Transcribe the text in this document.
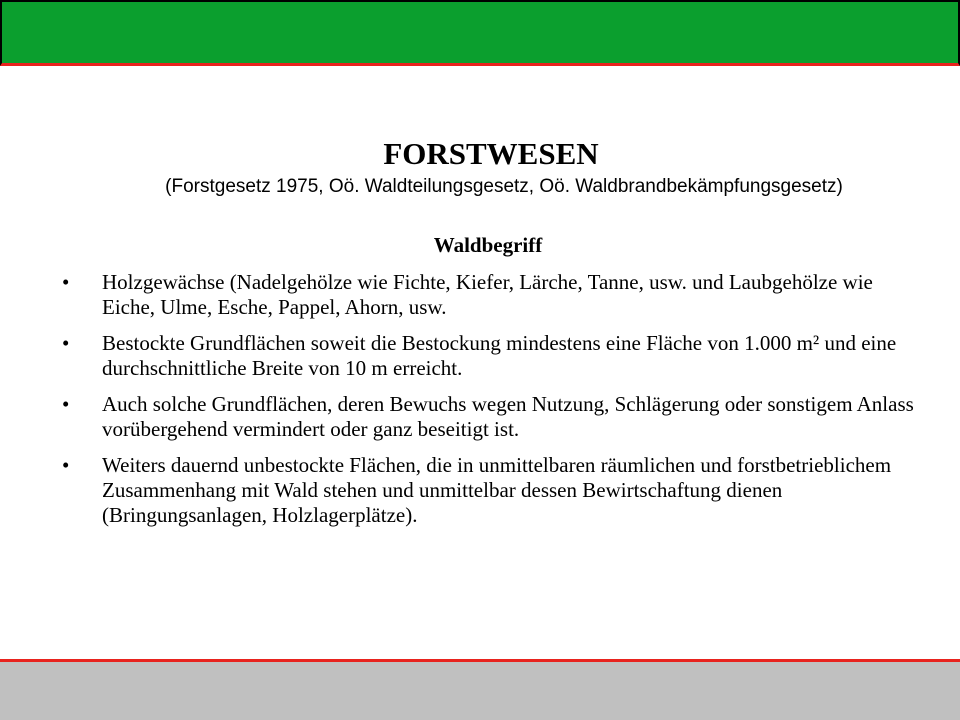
FORSTWESEN
(Forstgesetz 1975, Oö. Waldteilungsgesetz, Oö. Waldbrandbekämpfungsgesetz)
Waldbegriff
• Holzgewächse (Nadelgehölze wie Fichte, Kiefer, Lärche, Tanne, usw. und Laubgehölze wie Eiche, Ulme, Esche, Pappel, Ahorn, usw.
• Bestockte Grundflächen soweit die Bestockung mindestens eine Fläche von 1.000 m² und eine durchschnittliche Breite von 10 m erreicht.
• Auch solche Grundflächen, deren Bewuchs wegen Nutzung, Schlägerung oder sonstigem Anlass vorübergehend vermindert oder ganz beseitigt ist.
• Weiters dauernd unbestockte Flächen, die in unmittelbaren räumlichen und forstbetrieblichem Zusammenhang mit Wald stehen und unmittelbar dessen Bewirtschaftung dienen (Bringungsanlagen, Holzlagerplätze).
